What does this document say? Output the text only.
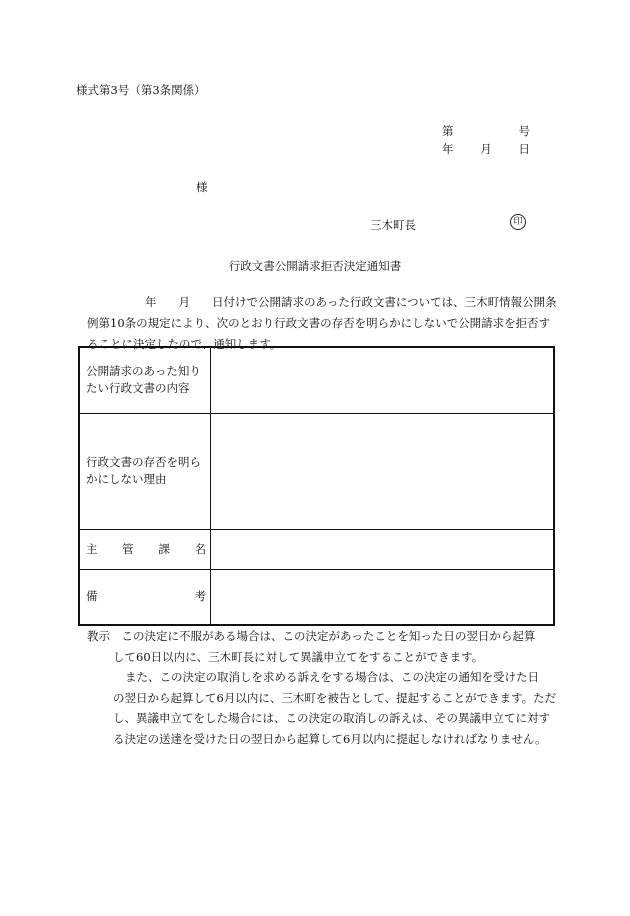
様式第3号（第3条関係）
第	号
年 月 日
様
三木町長	印
行政文書公開請求拒否決定通知書
年 月 日付けで公開請求のあった行政文書については、三木町情報公開条例第10条の規定により、次のとおり行政文書の存否を明らかにしないで公開請求を拒否することに決定したので、通知します。
公開請求のあった知りたい行政文書の内容	
行政文書の存否を明らかにしない理由	

主 管 課 名	

備 考	

教示　 この決定に不服がある場合は、この決定があったことを知った日の翌日から起算
して60日以内に、三木町長に対して異議申立てをすることができます。
また、この決定の取消しを求める訴えをする場合は、この決定の通知を受けた日
の翌日から起算して6月以内に、三木町を被告として、提起することができます。ただし、異議申立てをした場合には、この決定の取消しの訴えは、その異議申立てに対する決定の送達を受けた日の翌日から起算して6月以内に提起しなければなりません。
